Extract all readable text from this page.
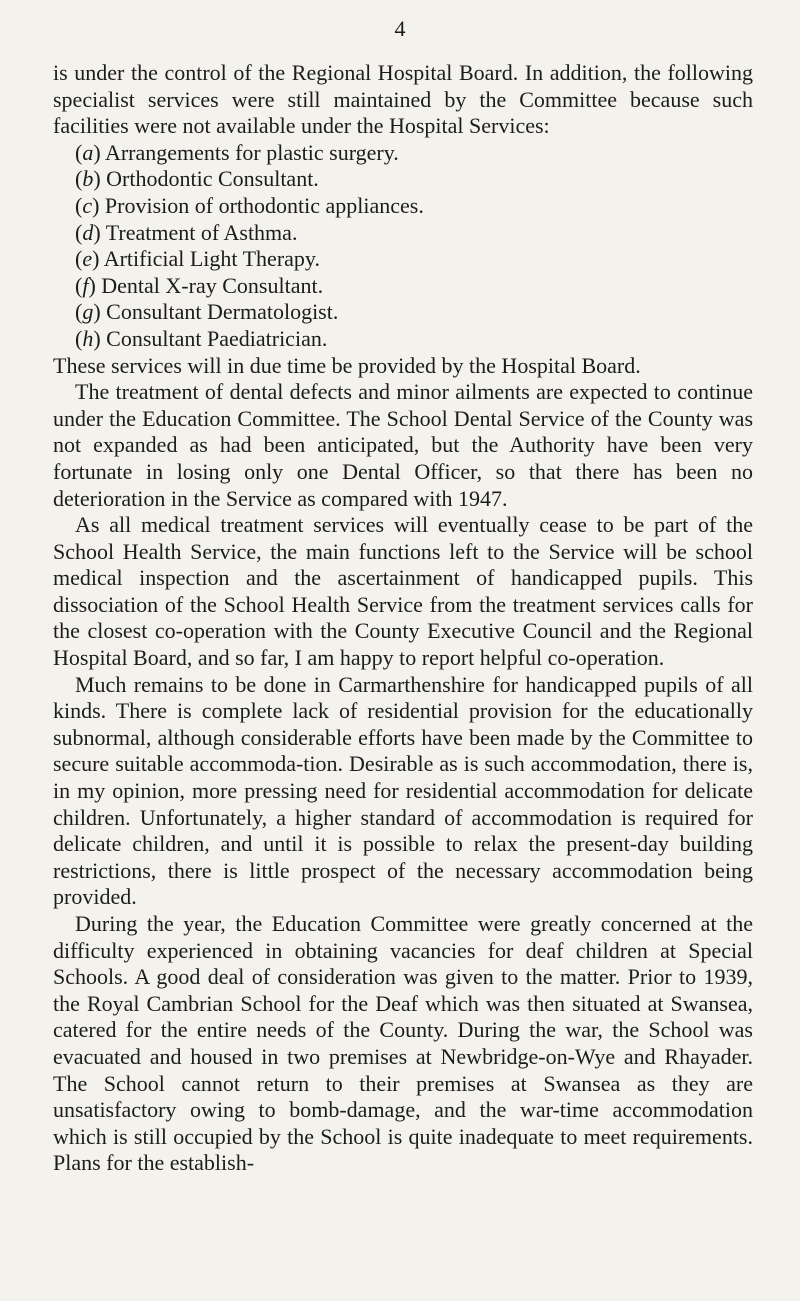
4

is under the control of the Regional Hospital Board. In addition, the following specialist services were still maintained by the Committee because such facilities were not available under the Hospital Services:

(a) Arrangements for plastic surgery.
(b) Orthodontic Consultant.
(c) Provision of orthodontic appliances.
(d) Treatment of Asthma.
(e) Artificial Light Therapy.
(f) Dental X-ray Consultant.
(g) Consultant Dermatologist.
(h) Consultant Paediatrician.

These services will in due time be provided by the Hospital Board.

The treatment of dental defects and minor ailments are expected to continue under the Education Committee. The School Dental Service of the County was not expanded as had been anticipated, but the Authority have been very fortunate in losing only one Dental Officer, so that there has been no deterioration in the Service as compared with 1947.

As all medical treatment services will eventually cease to be part of the School Health Service, the main functions left to the Service will be school medical inspection and the ascertainment of handicapped pupils. This dissociation of the School Health Service from the treatment services calls for the closest co-operation with the County Executive Council and the Regional Hospital Board, and so far, I am happy to report helpful co-operation.

Much remains to be done in Carmarthenshire for handicapped pupils of all kinds. There is complete lack of residential provision for the educationally subnormal, although considerable efforts have been made by the Committee to secure suitable accommoda-tion. Desirable as is such accommodation, there is, in my opinion, more pressing need for residential accommodation for delicate children. Unfortunately, a higher standard of accommodation is required for delicate children, and until it is possible to relax the present-day building restrictions, there is little prospect of the necessary accommodation being provided.

During the year, the Education Committee were greatly concerned at the difficulty experienced in obtaining vacancies for deaf children at Special Schools. A good deal of consideration was given to the matter. Prior to 1939, the Royal Cambrian School for the Deaf which was then situated at Swansea, catered for the entire needs of the County. During the war, the School was evacuated and housed in two premises at Newbridge-on-Wye and Rhayader. The School cannot return to their premises at Swansea as they are unsatisfactory owing to bomb-damage, and the war-time accommodation which is still occupied by the School is quite inadequate to meet requirements. Plans for the establish-
